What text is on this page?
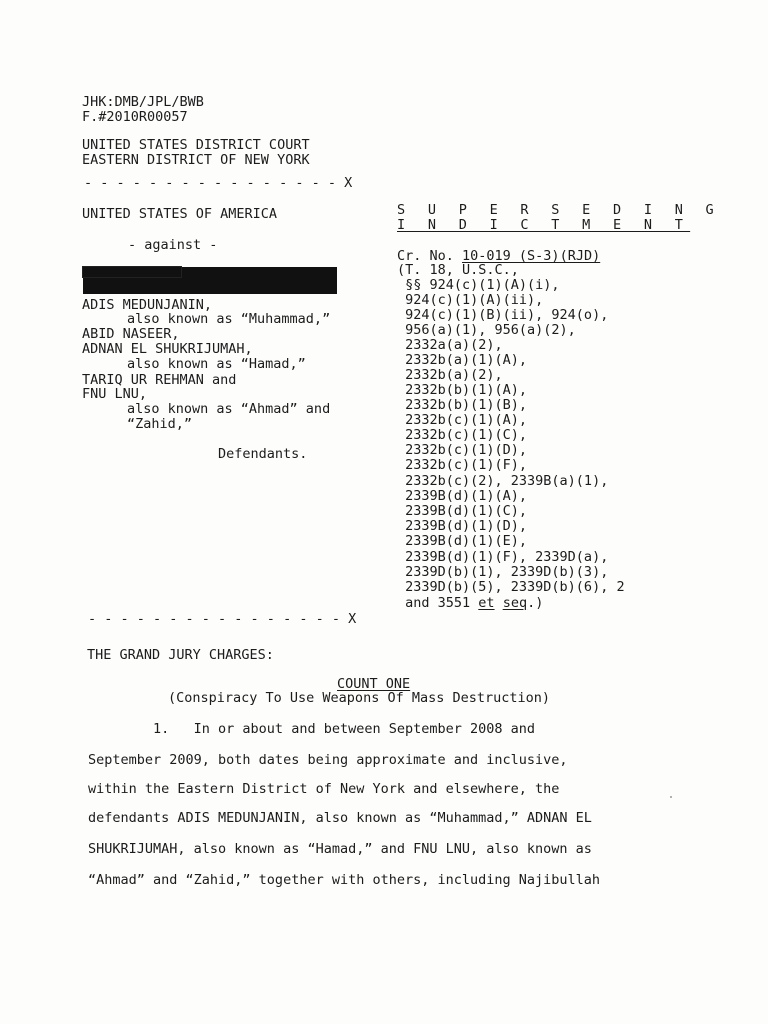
JHK:DMB/JPL/BWB
F.#2010R00057
UNITED STATES DISTRICT COURT
EASTERN DISTRICT OF NEW YORK
- - - - - - - - - - - - - - - - X
UNITED STATES OF AMERICA
- against -
ADIS MEDUNJANIN,
also known as “Muhammad,”
ABID NASEER,
ADNAN EL SHUKRIJUMAH,
also known as “Hamad,”
TARIQ UR REHMAN and
FNU LNU,
also known as “Ahmad” and
“Zahid,”
Defendants.
S U P E R S E D I N G
I N D I C T M E N T
Cr. No. 10-019 (S-3)(RJD)
(T. 18, U.S.C.,
§§ 924(c)(1)(A)(i),
924(c)(1)(A)(ii),
924(c)(1)(B)(ii), 924(o),
956(a)(1), 956(a)(2),
2332a(a)(2),
2332b(a)(1)(A),
2332b(a)(2),
2332b(b)(1)(A),
2332b(b)(1)(B),
2332b(c)(1)(A),
2332b(c)(1)(C),
2332b(c)(1)(D),
2332b(c)(1)(F),
2332b(c)(2), 2339B(a)(1),
2339B(d)(1)(A),
2339B(d)(1)(C),
2339B(d)(1)(D),
2339B(d)(1)(E),
2339B(d)(1)(F), 2339D(a),
2339D(b)(1), 2339D(b)(3),
2339D(b)(5), 2339D(b)(6), 2
and 3551 et seq.)
- - - - - - - - - - - - - - - - X
THE GRAND JURY CHARGES:
COUNT ONE
(Conspiracy To Use Weapons Of Mass Destruction)
1.   In or about and between September 2008 and
September 2009, both dates being approximate and inclusive,
within the Eastern District of New York and elsewhere, the
defendants ADIS MEDUNJANIN, also known as “Muhammad,” ADNAN EL
SHUKRIJUMAH, also known as “Hamad,” and FNU LNU, also known as
“Ahmad” and “Zahid,” together with others, including Najibullah
